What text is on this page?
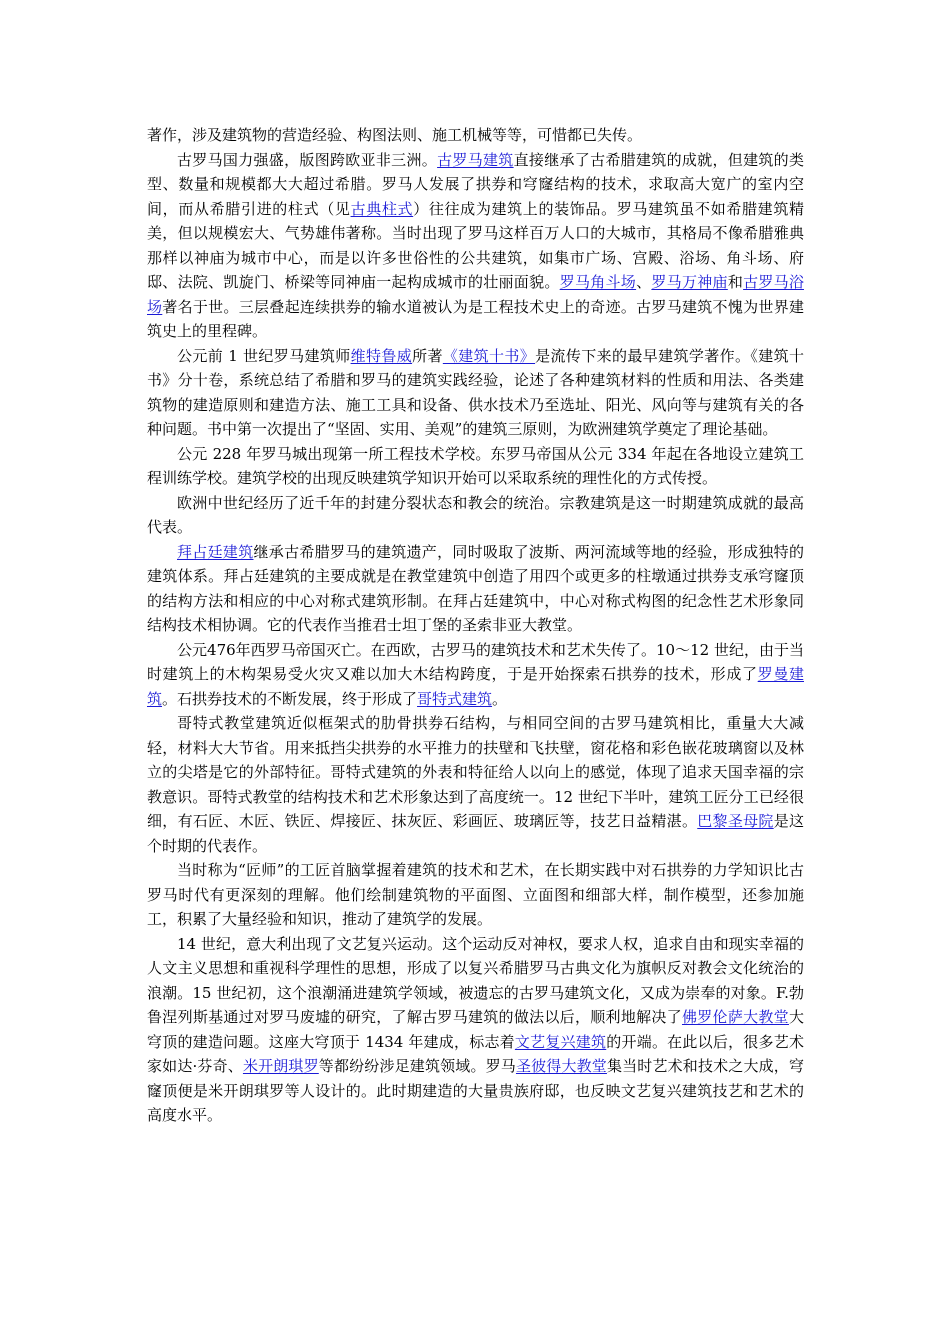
著作，涉及建筑物的营造经验、构图法则、施工机械等等，可惜都已失传。

古罗马国力强盛，版图跨欧亚非三洲。古罗马建筑直接继承了古希腊建筑的成就，但建筑的类型、数量和规模都大大超过希腊。罗马人发展了拱券和穹窿结构的技术，求取高大宽广的室内空间，而从希腊引进的柱式（见古典柱式）往往成为建筑上的装饰品。罗马建筑虽不如希腊建筑精美，但以规模宏大、气势雄伟著称。当时出现了罗马这样百万人口的大城市，其格局不像希腊雅典那样以神庙为城市中心，而是以许多世俗性的公共建筑，如集市广场、宫殿、浴场、角斗场、府邸、法院、凯旋门、桥梁等同神庙一起构成城市的壮丽面貌。罗马角斗场、罗马万神庙和古罗马浴场著名于世。三层叠起连续拱券的输水道被认为是工程技术史上的奇迹。古罗马建筑不愧为世界建筑史上的里程碑。

公元前 1 世纪罗马建筑师维特鲁威所著《建筑十书》是流传下来的最早建筑学著作。《建筑十书》分十卷，系统总结了希腊和罗马的建筑实践经验，论述了各种建筑材料的性质和用法、各类建筑物的建造原则和建造方法、施工工具和设备、供水技术乃至选址、阳光、风向等与建筑有关的各种问题。书中第一次提出了“坚固、实用、美观”的建筑三原则，为欧洲建筑学奠定了理论基础。

公元 228 年罗马城出现第一所工程技术学校。东罗马帝国从公元 334 年起在各地设立建筑工程训练学校。建筑学校的出现反映建筑学知识开始可以采取系统的理性化的方式传授。

欧洲中世纪经历了近千年的封建分裂状态和教会的统治。宗教建筑是这一时期建筑成就的最高代表。

拜占廷建筑继承古希腊罗马的建筑遗产，同时吸取了波斯、两河流域等地的经验，形成独特的建筑体系。拜占廷建筑的主要成就是在教堂建筑中创造了用四个或更多的柱墩通过拱券支承穹窿顶的结构方法和相应的中心对称式建筑形制。在拜占廷建筑中，中心对称式构图的纪念性艺术形象同结构技术相协调。它的代表作当推君士坦丁堡的圣索非亚大教堂。

公元476年西罗马帝国灭亡。在西欧，古罗马的建筑技术和艺术失传了。10～12 世纪，由于当时建筑上的木构架易受火灾又难以加大木结构跨度，于是开始探索石拱券的技术，形成了罗曼建筑。石拱券技术的不断发展，终于形成了哥特式建筑。

哥特式教堂建筑近似框架式的肋骨拱券石结构，与相同空间的古罗马建筑相比，重量大大减轻，材料大大节省。用来抵挡尖拱券的水平推力的扶壁和飞扶壁，窗花格和彩色嵌花玻璃窗以及林立的尖塔是它的外部特征。哥特式建筑的外表和特征给人以向上的感觉，体现了追求天国幸福的宗教意识。哥特式教堂的结构技术和艺术形象达到了高度统一。12 世纪下半叶，建筑工匠分工已经很细，有石匠、木匠、铁匠、焊接匠、抹灰匠、彩画匠、玻璃匠等，技艺日益精湛。巴黎圣母院是这个时期的代表作。

当时称为“匠师”的工匠首脑掌握着建筑的技术和艺术，在长期实践中对石拱券的力学知识比古罗马时代有更深刻的理解。他们绘制建筑物的平面图、立面图和细部大样，制作模型，还参加施工，积累了大量经验和知识，推动了建筑学的发展。

14 世纪，意大利出现了文艺复兴运动。这个运动反对神权，要求人权，追求自由和现实幸福的人文主义思想和重视科学理性的思想，形成了以复兴希腊罗马古典文化为旗帜反对教会文化统治的浪潮。15 世纪初，这个浪潮涌进建筑学领域，被遗忘的古罗马建筑文化，又成为崇奉的对象。F.勃鲁涅列斯基通过对罗马废墟的研究，了解古罗马建筑的做法以后，顺利地解决了佛罗伦萨大教堂大穹顶的建造问题。这座大穹顶于 1434 年建成，标志着文艺复兴建筑的开端。在此以后，很多艺术家如达·芬奇、米开朗琪罗等都纷纷涉足建筑领域。罗马圣彼得大教堂集当时艺术和技术之大成，穹窿顶便是米开朗琪罗等人设计的。此时期建造的大量贵族府邸，也反映文艺复兴建筑技艺和艺术的高度水平。
